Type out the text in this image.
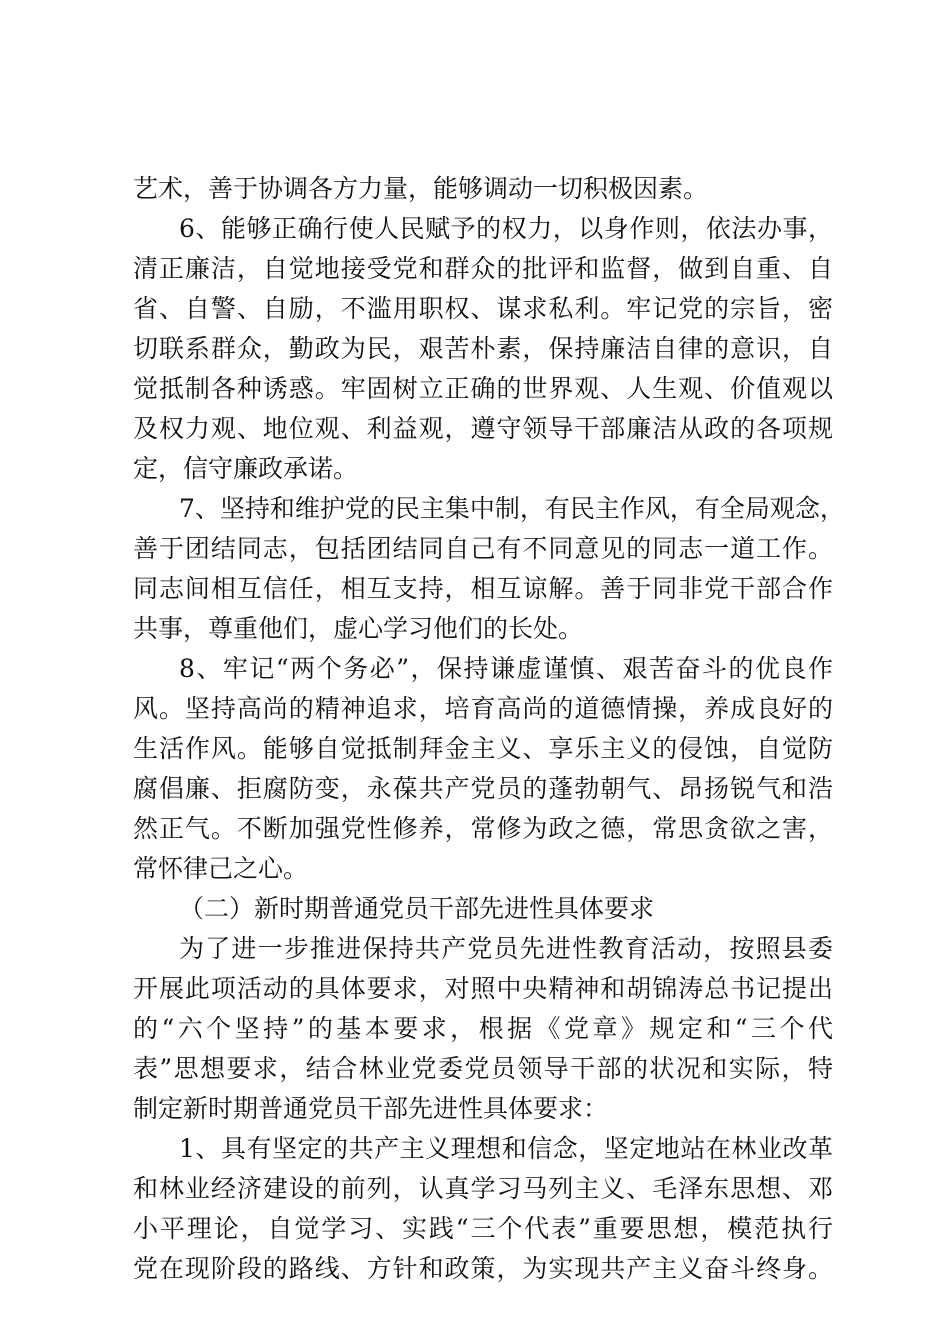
艺术，善于协调各方力量，能够调动一切积极因素。
6、能够正确行使人民赋予的权力，以身作则，依法办事，
清正廉洁，自觉地接受党和群众的批评和监督，做到自重、自
省、自警、自励，不滥用职权、谋求私利。牢记党的宗旨，密
切联系群众，勤政为民，艰苦朴素，保持廉洁自律的意识，自
觉抵制各种诱惑。牢固树立正确的世界观、人生观、价值观以
及权力观、地位观、利益观，遵守领导干部廉洁从政的各项规
定，信守廉政承诺。
7、坚持和维护党的民主集中制，有民主作风，有全局观念，
善于团结同志，包括团结同自己有不同意见的同志一道工作。
同志间相互信任，相互支持，相互谅解。善于同非党干部合作
共事，尊重他们，虚心学习他们的长处。
8、牢记“两个务必”，保持谦虚谨慎、艰苦奋斗的优良作
风。坚持高尚的精神追求，培育高尚的道德情操，养成良好的
生活作风。能够自觉抵制拜金主义、享乐主义的侵蚀，自觉防
腐倡廉、拒腐防变，永葆共产党员的蓬勃朝气、昂扬锐气和浩
然正气。不断加强党性修养，常修为政之德，常思贪欲之害，
常怀律己之心。
（二）新时期普通党员干部先进性具体要求
为了进一步推进保持共产党员先进性教育活动，按照县委
开展此项活动的具体要求，对照中央精神和胡锦涛总书记提出
的“六个坚持”的基本要求，根据《党章》规定和“三个代
表”思想要求，结合林业党委党员领导干部的状况和实际，特
制定新时期普通党员干部先进性具体要求：
1、具有坚定的共产主义理想和信念，坚定地站在林业改革
和林业经济建设的前列，认真学习马列主义、毛泽东思想、邓
小平理论，自觉学习、实践“三个代表”重要思想，模范执行
党在现阶段的路线、方针和政策，为实现共产主义奋斗终身。
